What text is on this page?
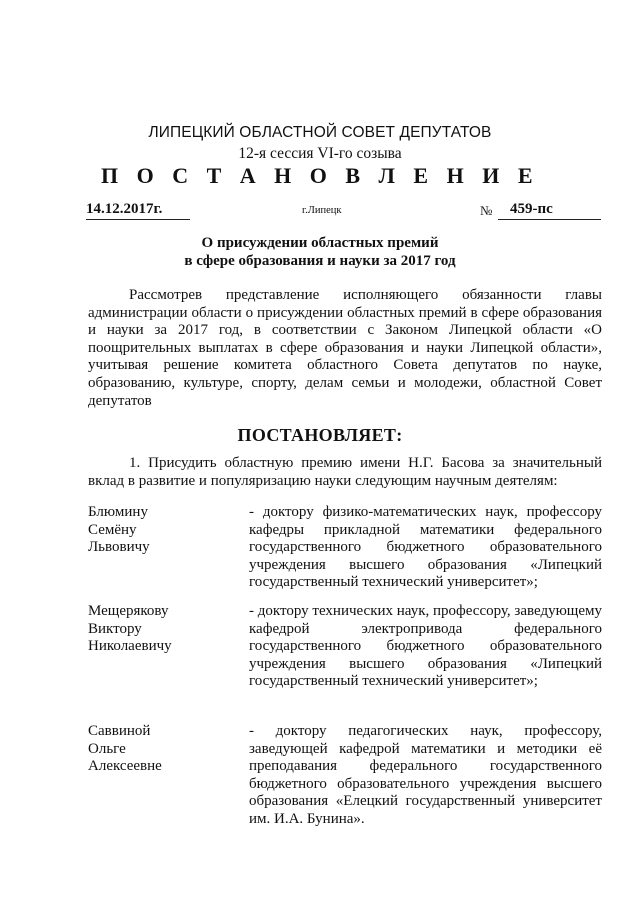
ЛИПЕЦКИЙ ОБЛАСТНОЙ СОВЕТ ДЕПУТАТОВ
12-я сессия VI-го созыва
П О С Т А Н О В Л Е Н И Е
14.12.2017г.	г.Липецк	№ 459-пс
О присуждении областных премий
в сфере образования и науки за 2017 год

Рассмотрев представление исполняющего обязанности главы администрации области о присуждении областных премий в сфере образования и науки за 2017 год, в соответствии с Законом Липецкой области «О поощрительных выплатах в сфере образования и науки Липецкой области», учитывая решение комитета областного Совета депутатов по науке, образованию, культуре, спорту, делам семьи и молодежи, областной Совет депутатов

ПОСТАНОВЛЯЕТ:

1. Присудить областную премию имени Н.Г. Басова за значительный вклад в развитие и популяризацию науки следующим научным деятелям:

Блюмину
Семёну
Львовичу

- доктору физико-математических наук, профессору кафедры прикладной математики федерального государственного бюджетного образовательного учреждения высшего образования «Липецкий государственный технический университет»;

Мещерякову
Виктору
Николаевичу

- доктору технических наук, профессору, заведующему кафедрой электропривода федерального государственного бюджетного образовательного учреждения высшего образования «Липецкий государственный технический университет»;

Саввиной
Ольге
Алексеевне

- доктору педагогических наук, профессору, заведующей кафедрой математики и методики её преподавания федерального государственного бюджетного образовательного учреждения высшего образования «Елецкий государственный университет им. И.А. Бунина».
